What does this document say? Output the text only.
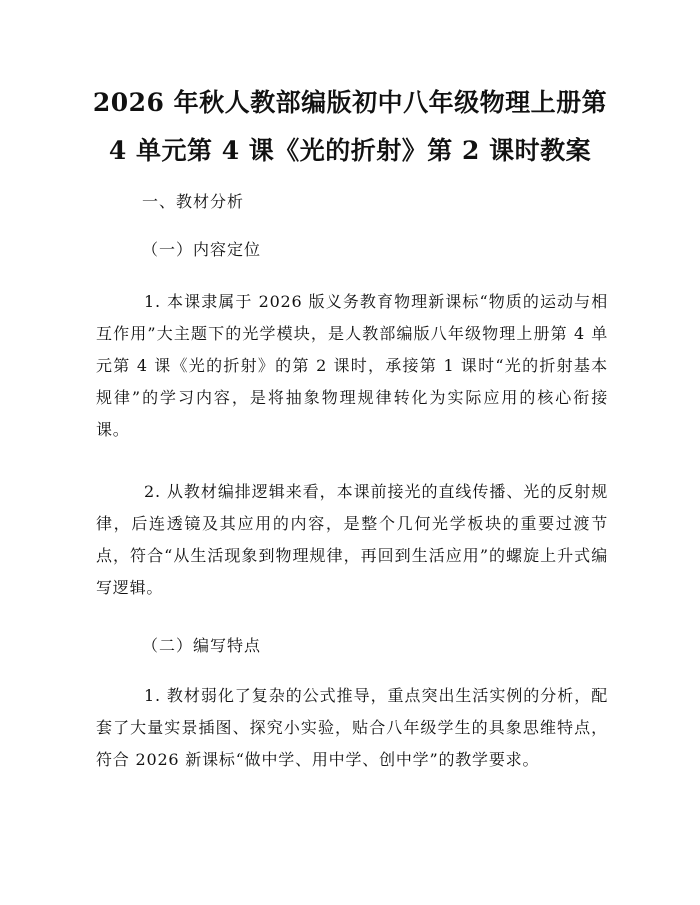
2026 年秋人教部编版初中八年级物理上册第
4 单元第 4 课《光的折射》第 2 课时教案
一、教材分析
（一）内容定位
1. 本课隶属于 2026 版义务教育物理新课标“物质的运动与相互作用”大主题下的光学模块，是人教部编版八年级物理上册第 4 单元第 4 课《光的折射》的第 2 课时，承接第 1 课时“光的折射基本规律”的学习内容，是将抽象物理规律转化为实际应用的核心衔接课。
2. 从教材编排逻辑来看，本课前接光的直线传播、光的反射规律，后连透镜及其应用的内容，是整个几何光学板块的重要过渡节点，符合“从生活现象到物理规律，再回到生活应用”的螺旋上升式编写逻辑。
（二）编写特点
1. 教材弱化了复杂的公式推导，重点突出生活实例的分析，配套了大量实景插图、探究小实验，贴合八年级学生的具象思维特点，符合 2026 新课标“做中学、用中学、创中学”的教学要求。
